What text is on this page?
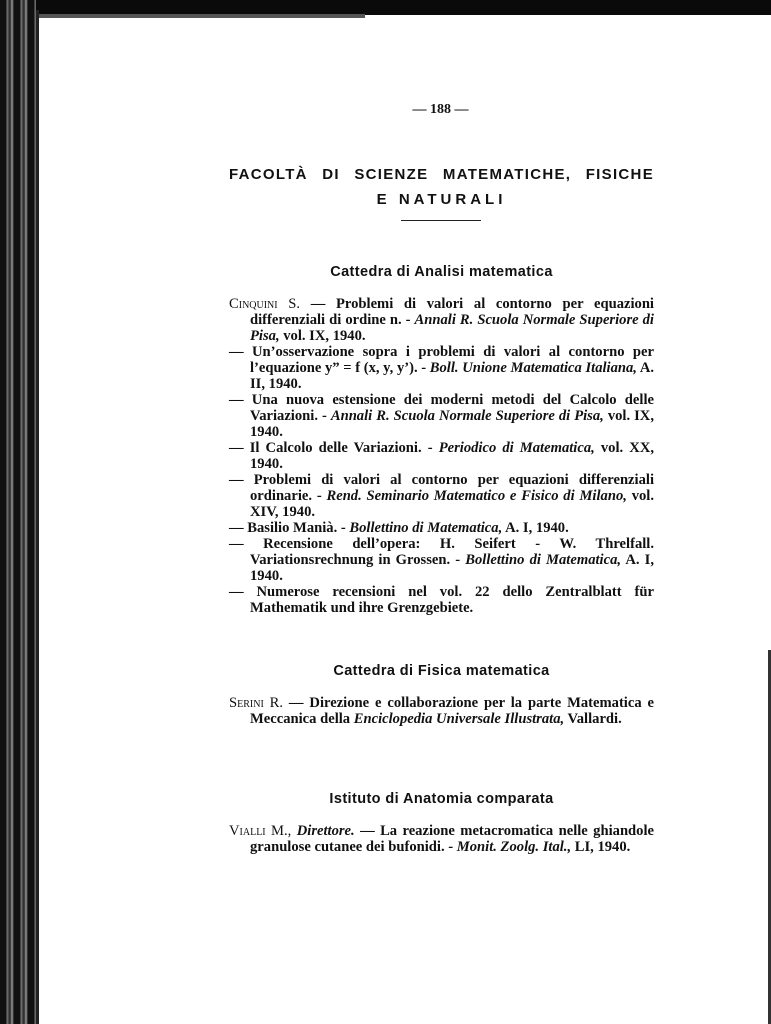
— 188 —
FACOLTÀ DI SCIENZE MATEMATICHE, FISICHE
E NATURALI
Cattedra di Analisi matematica
Cinquini S. — Problemi di valori al contorno per equazioni differenziali di ordine n. - Annali R. Scuola Normale Superiore di Pisa, vol. IX, 1940.
— Un’osservazione sopra i problemi di valori al contorno per l’equazione y” = f (x, y, y’). - Boll. Unione Matematica Italiana, A. II, 1940.
— Una nuova estensione dei moderni metodi del Calcolo delle Variazioni. - Annali R. Scuola Normale Superiore di Pisa, vol. IX, 1940.
— Il Calcolo delle Variazioni. - Periodico di Matematica, vol. XX, 1940.
— Problemi di valori al contorno per equazioni differenziali ordinarie. - Rend. Seminario Matematico e Fisico di Milano, vol. XIV, 1940.
— Basilio Manià. - Bollettino di Matematica, A. I, 1940.
— Recensione dell’opera: H. Seifert - W. Threlfall. Variationsrechnung in Grossen. - Bollettino di Matematica, A. I, 1940.
— Numerose recensioni nel vol. 22 dello Zentralblatt für Mathematik und ihre Grenzgebiete.
Cattedra di Fisica matematica
Serini R. — Direzione e collaborazione per la parte Matematica e Meccanica della Enciclopedia Universale Illustrata, Vallardi.
Istituto di Anatomia comparata
Vialli M., Direttore. — La reazione metacromatica nelle ghiandole granulose cutanee dei bufonidi. - Monit. Zoolg. Ital., LI, 1940.
